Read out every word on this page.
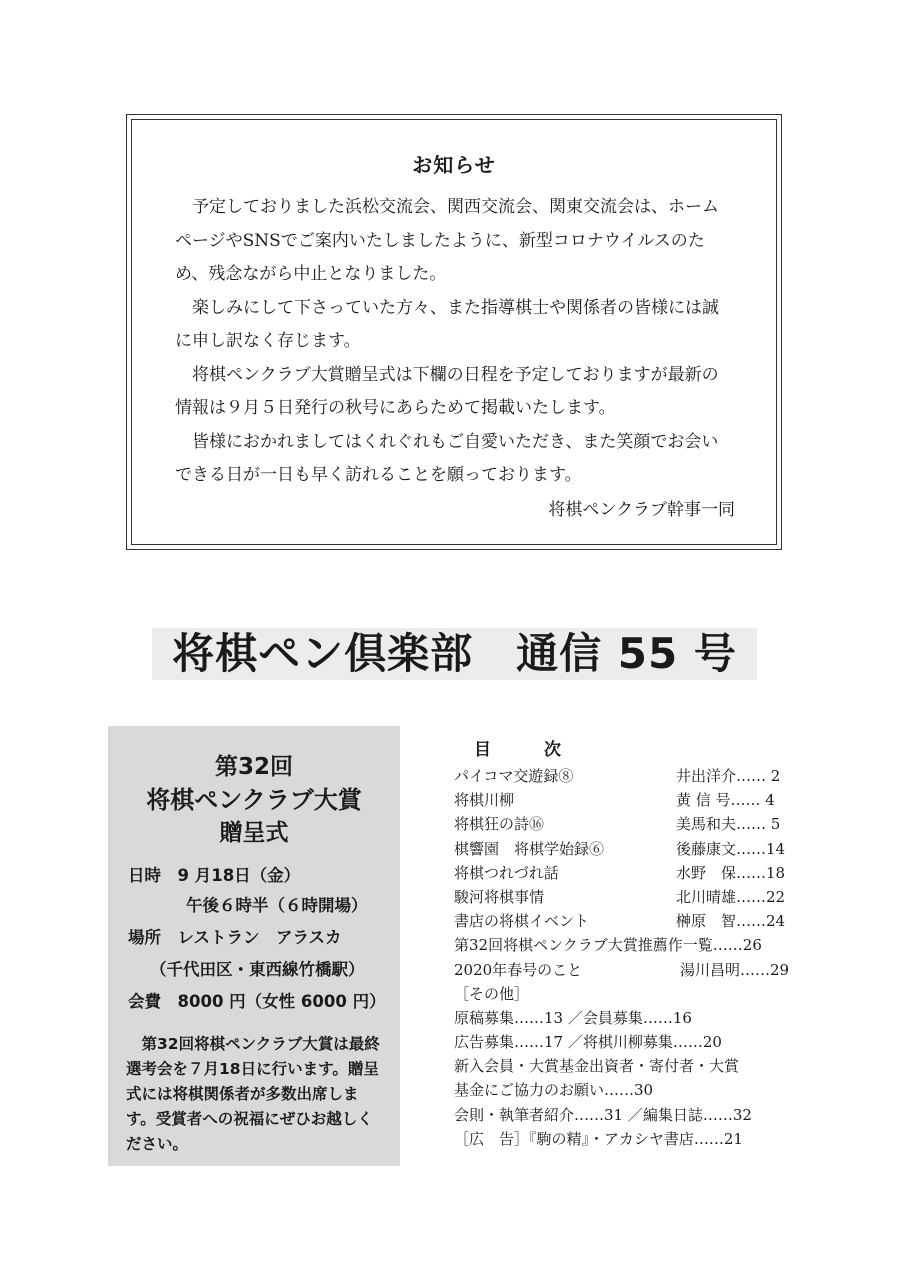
お知らせ

予定しておりました浜松交流会、関西交流会、関東交流会は、ホームページやSNSでご案内いたしましたように、新型コロナウイルスのため、残念ながら中止となりました。

楽しみにして下さっていた方々、また指導棋士や関係者の皆様には誠に申し訳なく存じます。

将棋ペンクラブ大賞贈呈式は下欄の日程を予定しておりますが最新の情報は９月５日発行の秋号にあらためて掲載いたします。

皆様におかれましてはくれぐれもご自愛いただき、また笑顔でお会いできる日が一日も早く訪れることを願っております。

将棋ペンクラブ幹事一同
将棋ペン倶楽部　通信 55 号
第32回
将棋ペンクラブ大賞
贈呈式
日時　9 月18日（金）
午後６時半（６時開場）
場所　レストラン　アラスカ
（千代田区・東西線竹橋駅）
会費　8000 円（女性 6000 円）

第32回将棋ペンクラブ大賞は最終選考会を７月18日に行います。贈呈式には将棋関係者が多数出席します。受賞者への祝福にぜひお越しください。

目　次
パイコマ交遊録⑧	井出洋介…… 2
将棋川柳	黄 信 号…… 4
将棋狂の詩⑯	美馬和夫…… 5
棋響園　将棋学始録⑥	後藤康文……14
将棋つれづれ話	水野　保……18
駿河将棋事情	北川晴雄……22
書店の将棋イベント	榊原　智……24
第32回将棋ペンクラブ大賞推薦作一覧……26
2020年春号のこと	湯川昌明……29
［その他］
原稿募集……13 ／会員募集……16
広告募集……17 ／将棋川柳募集……20
新入会員・大賞基金出資者・寄付者・大賞
基金にご協力のお願い……30
会則・執筆者紹介……31 ／編集日誌……32
［広　告］『駒の精』・アカシヤ書店……21
